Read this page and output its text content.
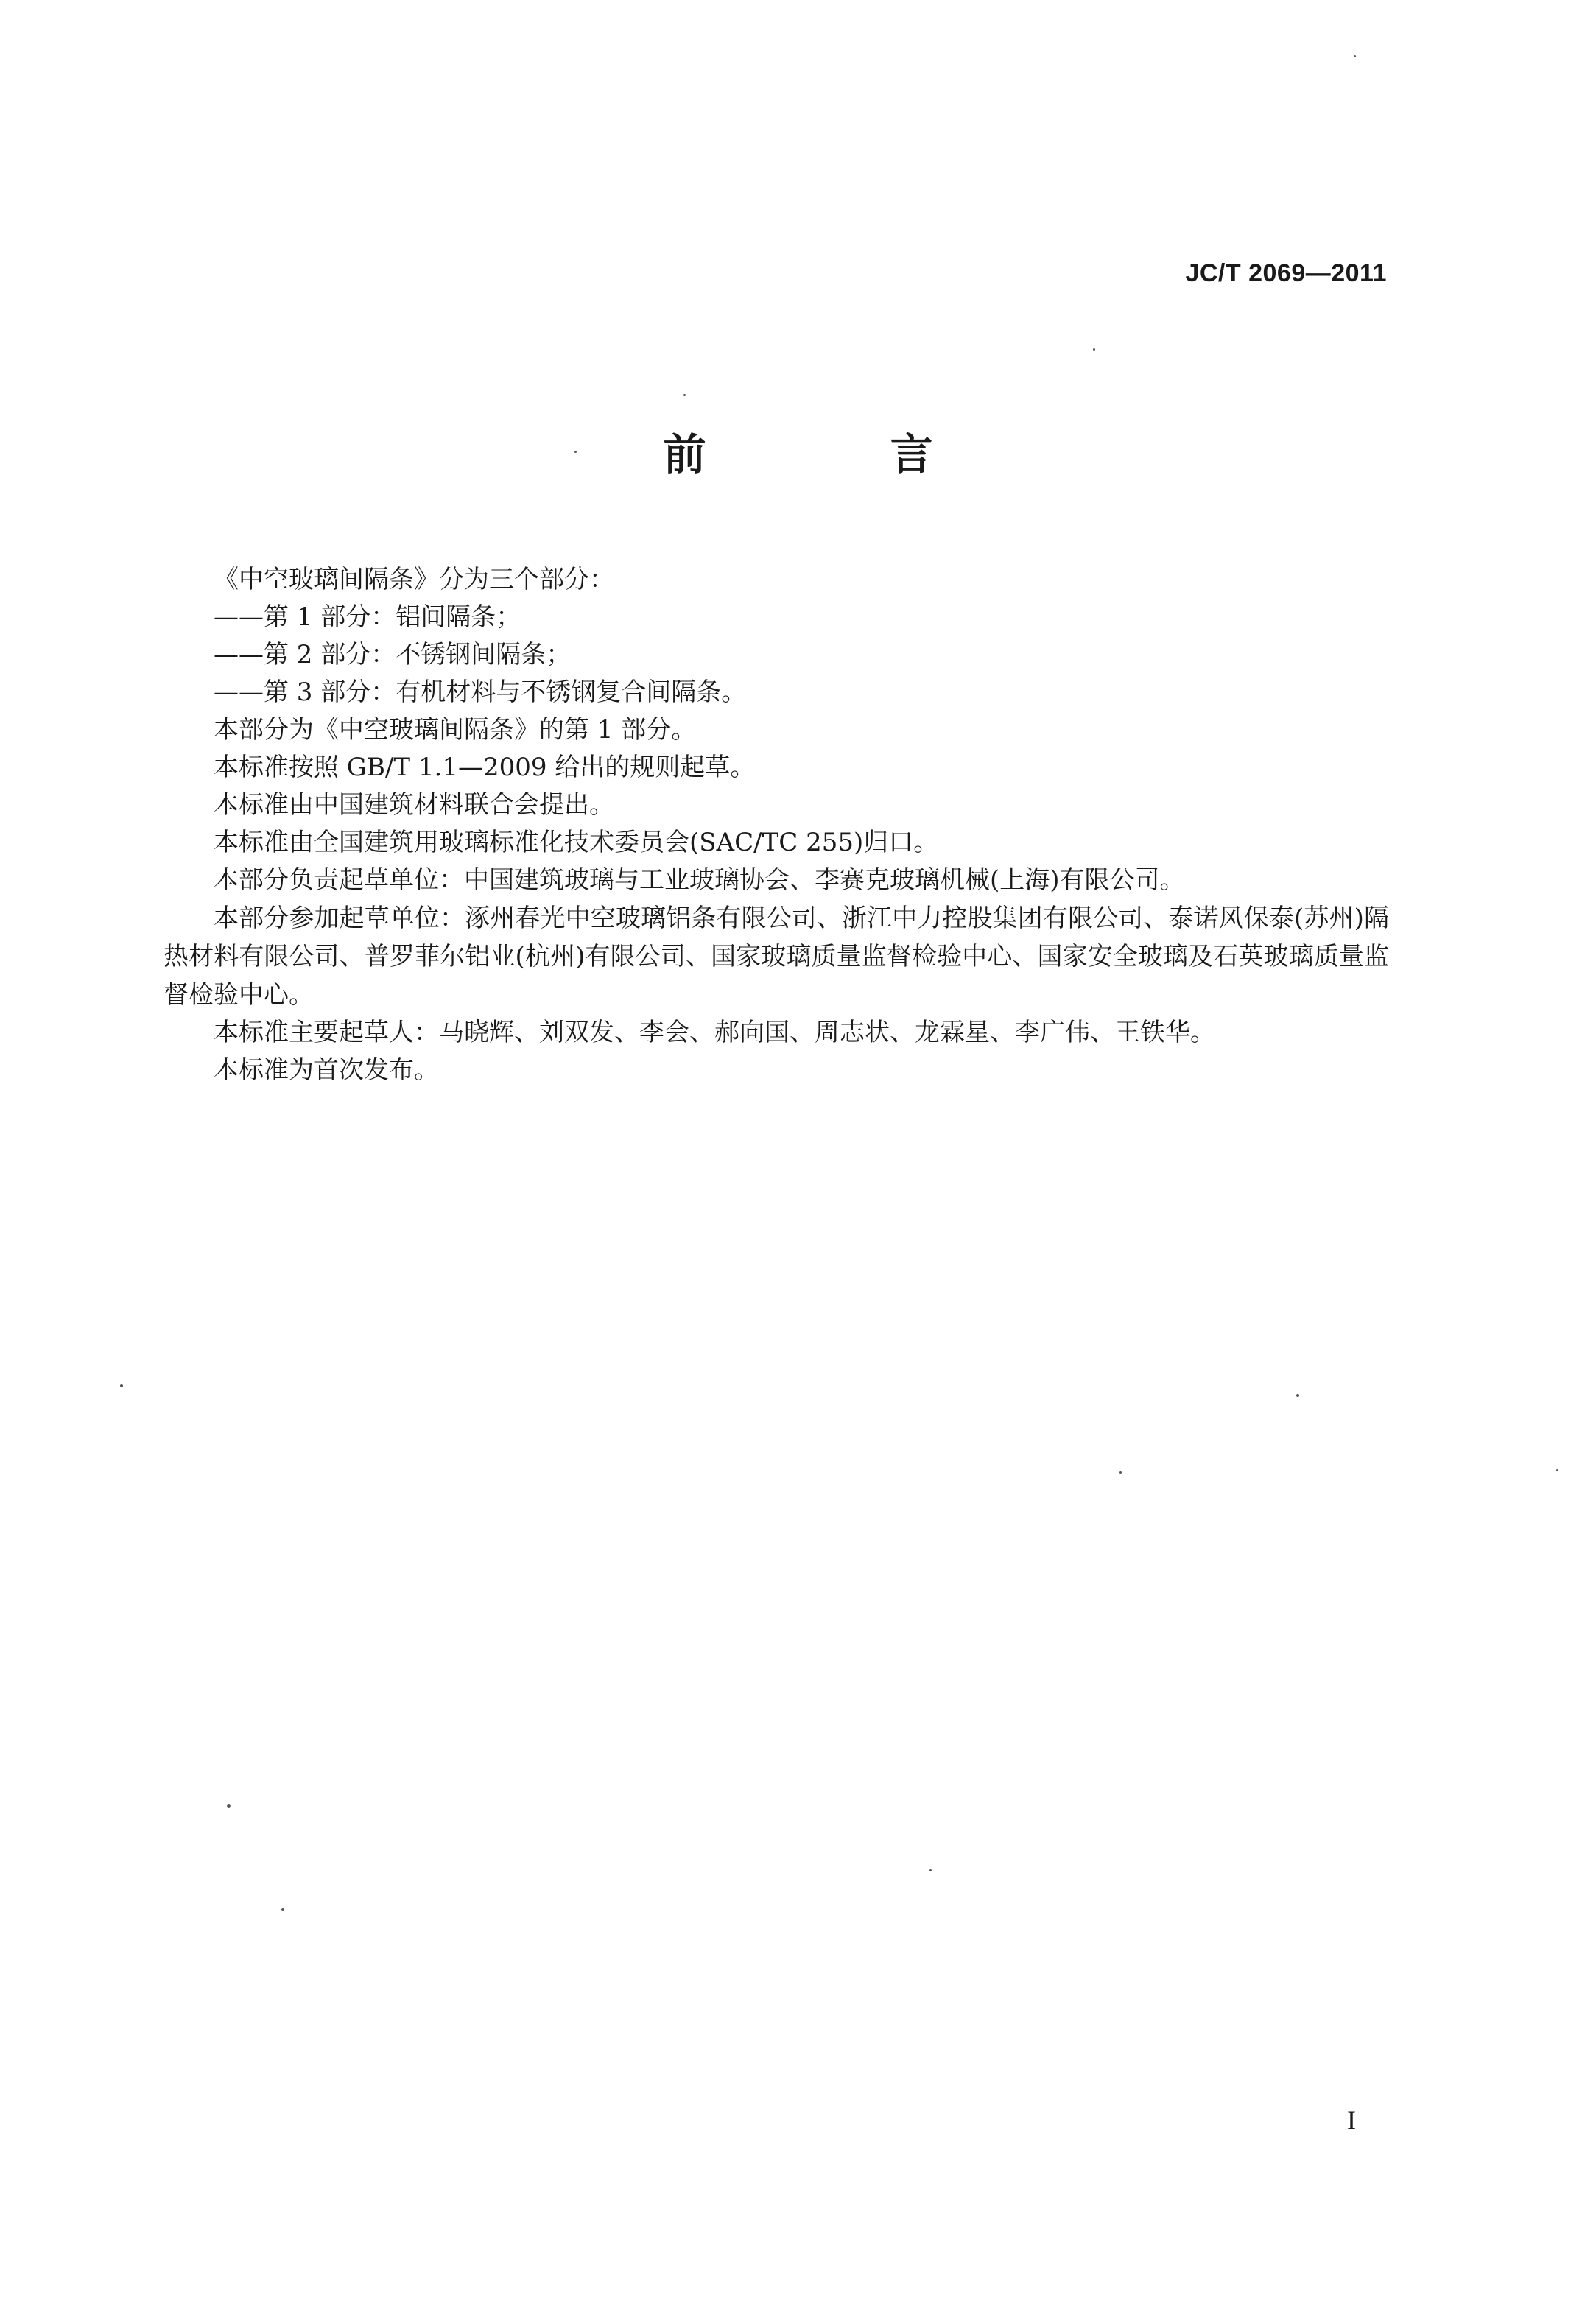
JC/T 2069—2011
前　言

《中空玻璃间隔条》分为三个部分：

——第 1 部分：铝间隔条；

——第 2 部分：不锈钢间隔条；

——第 3 部分：有机材料与不锈钢复合间隔条。

本部分为《中空玻璃间隔条》的第 1 部分。

本标准按照 GB/T 1.1—2009 给出的规则起草。

本标准由中国建筑材料联合会提出。

本标准由全国建筑用玻璃标准化技术委员会(SAC/TC 255)归口。

本部分负责起草单位：中国建筑玻璃与工业玻璃协会、李赛克玻璃机械(上海)有限公司。

本部分参加起草单位：涿州春光中空玻璃铝条有限公司、浙江中力控股集团有限公司、泰诺风保泰(苏州)隔热材料有限公司、普罗菲尔铝业(杭州)有限公司、国家玻璃质量监督检验中心、国家安全玻璃及石英玻璃质量监督检验中心。

本标准主要起草人：马晓辉、刘双发、李会、郝向国、周志状、龙霖星、李广伟、王铁华。

本标准为首次发布。

I
